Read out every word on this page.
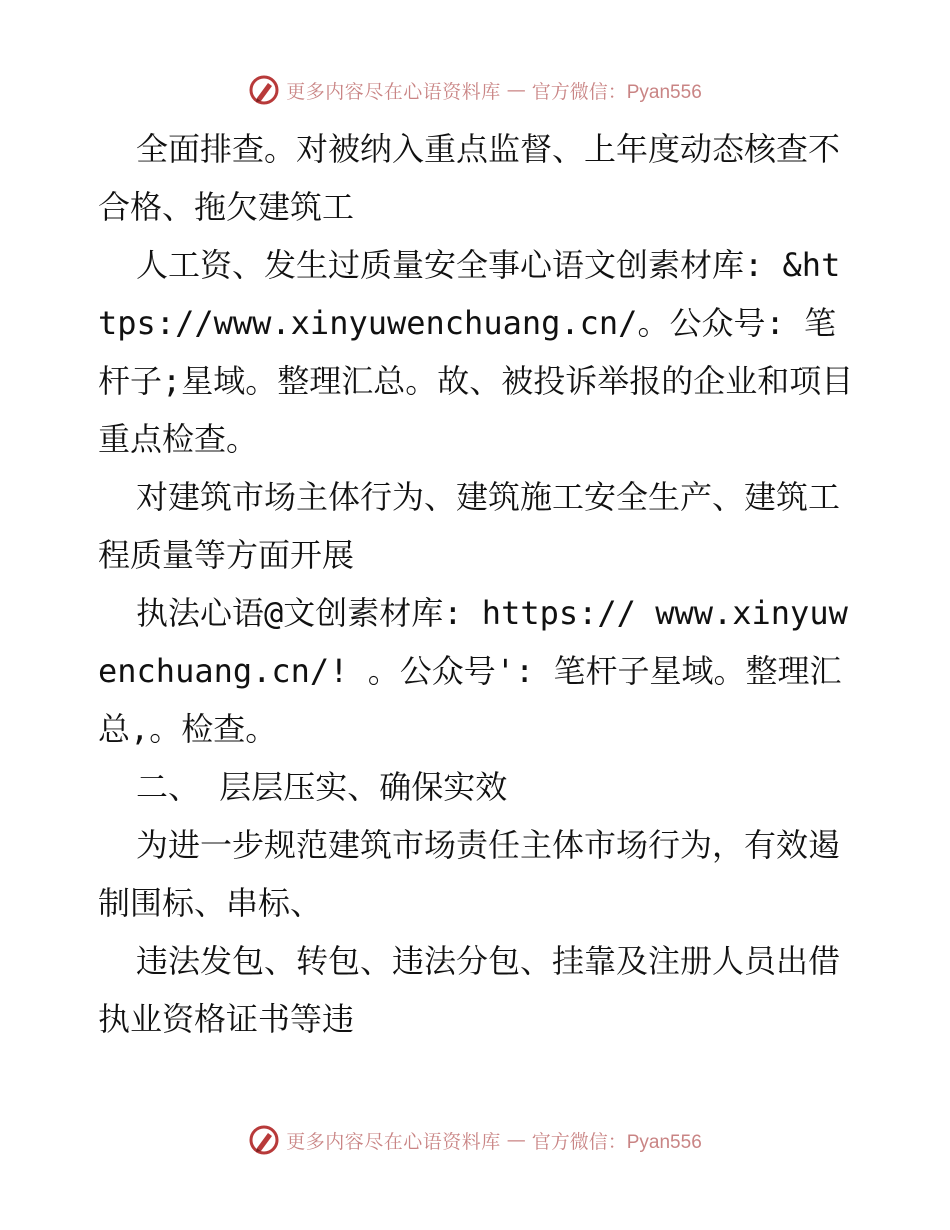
更多内容尽在心语资料库 — 官方微信：Pyan556

全面排查。对被纳入重点监督、上年度动态核查不合格、拖欠建筑工

人工资、发生过质量安全事心语文创素材库: &https://www.xinyuwenchuang.cn/。公众号: 笔杆子;星域。整理汇总。故、被投诉举报的企业和项目重点检查。

对建筑市场主体行为、建筑施工安全生产、建筑工程质量等方面开展

执法心语@文创素材库: https:// www.xinyuwenchuang.cn/! 。公众号': 笔杆子星域。整理汇总,。检查。

二、 层层压实、确保实效

为进一步规范建筑市场责任主体市场行为，有效遏制围标、串标、

违法发包、转包、违法分包、挂靠及注册人员出借执业资格证书等违

更多内容尽在心语资料库 — 官方微信：Pyan556
